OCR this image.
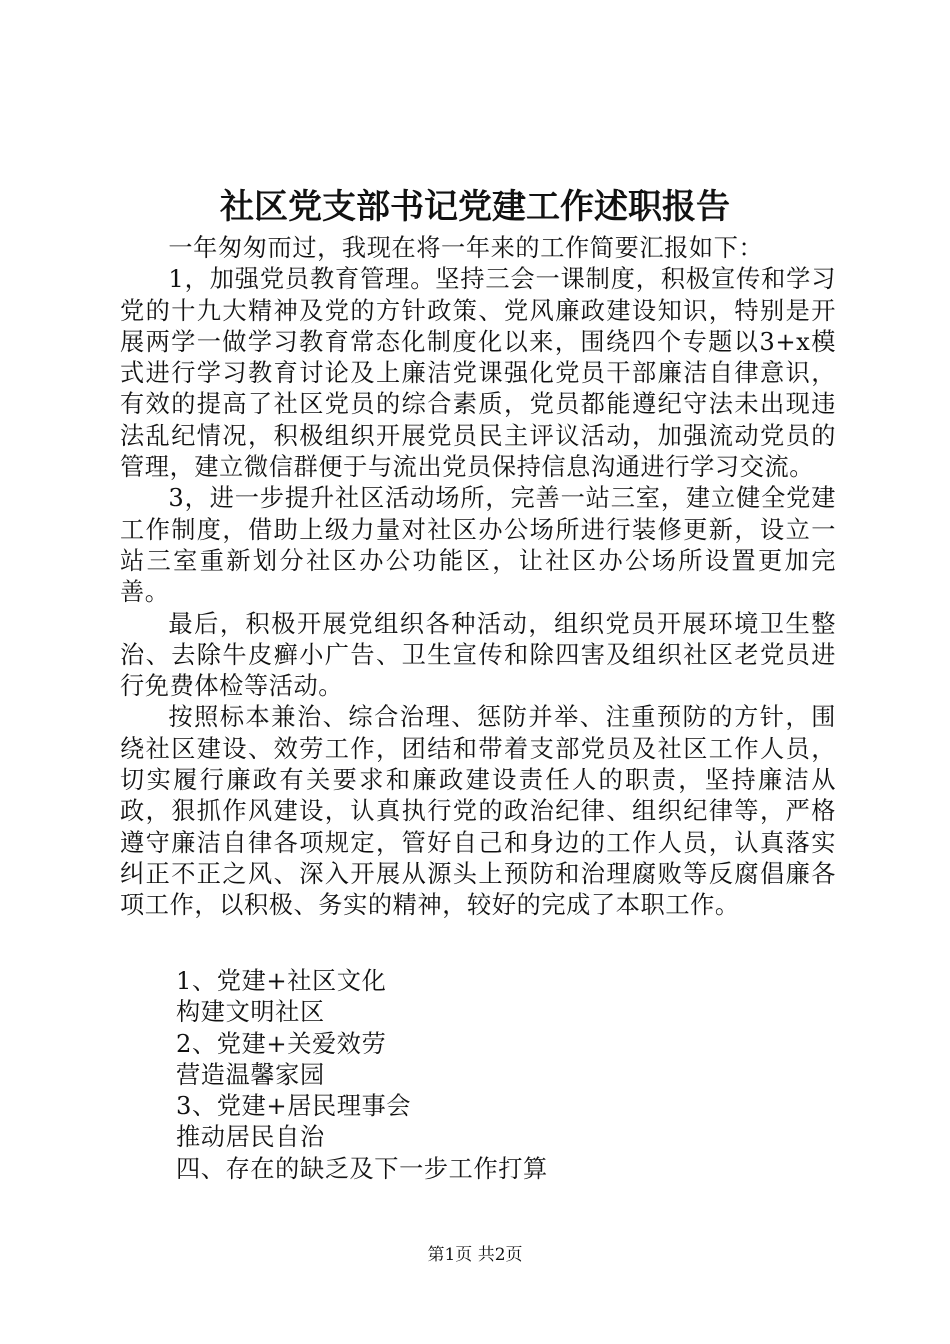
社区党支部书记党建工作述职报告

一年匆匆而过，我现在将一年来的工作简要汇报如下：

1，加强党员教育管理。坚持三会一课制度，积极宣传和学习党的十九大精神及党的方针政策、党风廉政建设知识，特别是开展两学一做学习教育常态化制度化以来，围绕四个专题以3+x模式进行学习教育讨论及上廉洁党课强化党员干部廉洁自律意识，有效的提高了社区党员的综合素质，党员都能遵纪守法未出现违法乱纪情况，积极组织开展党员民主评议活动，加强流动党员的管理，建立微信群便于与流出党员保持信息沟通进行学习交流。

3，进一步提升社区活动场所，完善一站三室，建立健全党建工作制度，借助上级力量对社区办公场所进行装修更新，设立一站三室重新划分社区办公功能区，让社区办公场所设置更加完善。

最后，积极开展党组织各种活动，组织党员开展环境卫生整治、去除牛皮癣小广告、卫生宣传和除四害及组织社区老党员进行免费体检等活动。

按照标本兼治、综合治理、惩防并举、注重预防的方针，围绕社区建设、效劳工作，团结和带着支部党员及社区工作人员，切实履行廉政有关要求和廉政建设责任人的职责，坚持廉洁从政，狠抓作风建设，认真执行党的政治纪律、组织纪律等，严格遵守廉洁自律各项规定，管好自己和身边的工作人员，认真落实纠正不正之风、深入开展从源头上预防和治理腐败等反腐倡廉各项工作，以积极、务实的精神，较好的完成了本职工作。

1、党建+社区文化
构建文明社区
2、党建+关爱效劳
营造温馨家园
3、党建+居民理事会
推动居民自治
四、存在的缺乏及下一步工作打算
第1页 共2页
